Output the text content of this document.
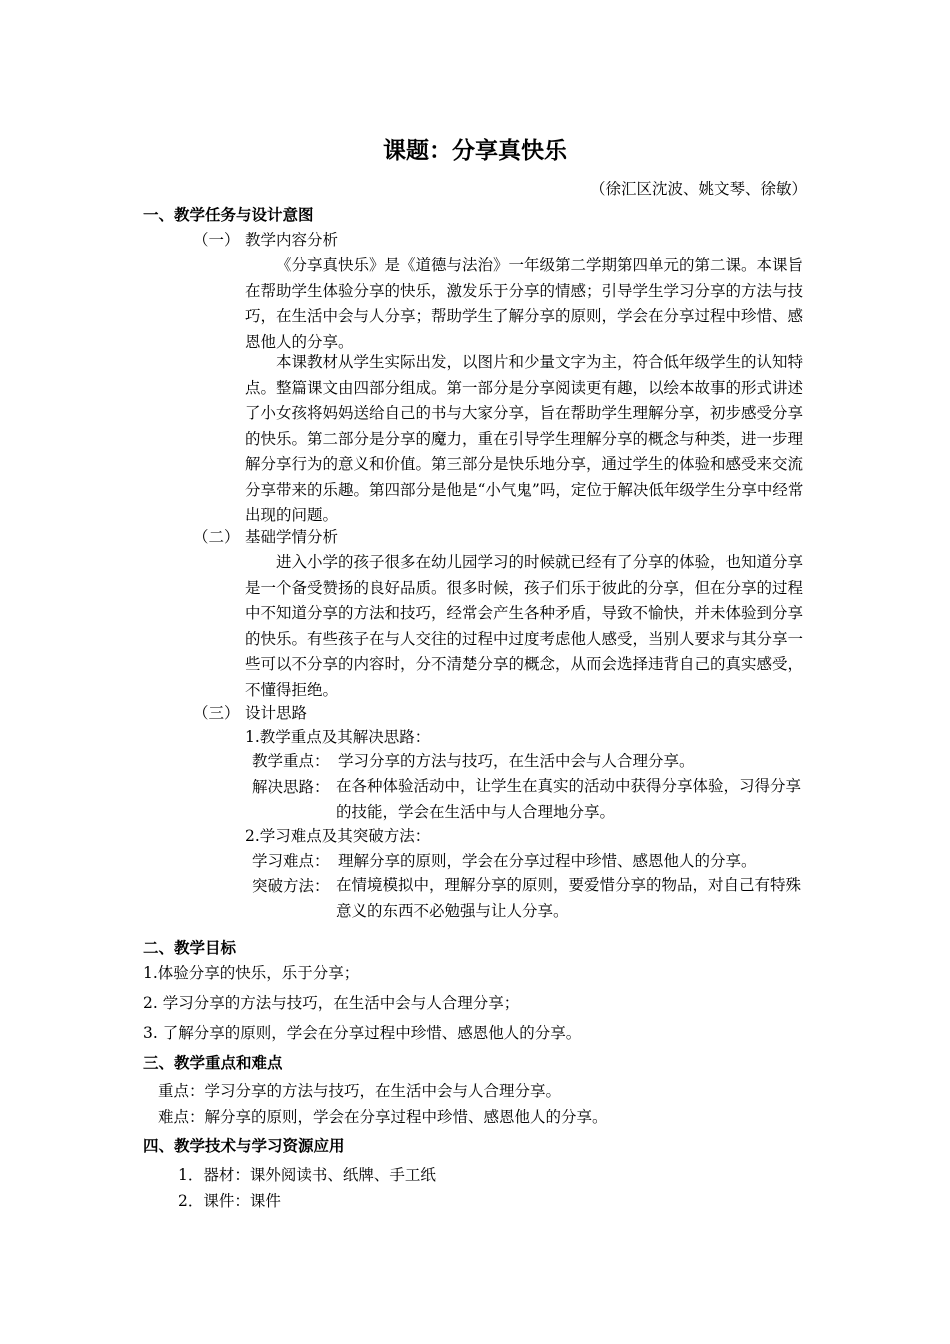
课题：分享真快乐
（徐汇区沈波、姚文琴、徐敏）
一、教学任务与设计意图
（一） 教学内容分析
《分享真快乐》是《道德与法治》一年级第二学期第四单元的第二课。本课旨在帮助学生体验分享的快乐，激发乐于分享的情感；引导学生学习分享的方法与技巧，在生活中会与人分享；帮助学生了解分享的原则，学会在分享过程中珍惜、感恩他人的分享。
本课教材从学生实际出发，以图片和少量文字为主，符合低年级学生的认知特点。整篇课文由四部分组成。第一部分是分享阅读更有趣，以绘本故事的形式讲述了小女孩将妈妈送给自己的书与大家分享，旨在帮助学生理解分享，初步感受分享的快乐。第二部分是分享的魔力，重在引导学生理解分享的概念与种类，进一步理解分享行为的意义和价值。第三部分是快乐地分享，通过学生的体验和感受来交流分享带来的乐趣。第四部分是他是“小气鬼”吗，定位于解决低年级学生分享中经常出现的问题。
（二） 基础学情分析
进入小学的孩子很多在幼儿园学习的时候就已经有了分享的体验，也知道分享是一个备受赞扬的良好品质。很多时候，孩子们乐于彼此的分享，但在分享的过程中不知道分享的方法和技巧，经常会产生各种矛盾，导致不愉快，并未体验到分享的快乐。有些孩子在与人交往的过程中过度考虑他人感受，当别人要求与其分享一些可以不分享的内容时，分不清楚分享的概念，从而会选择违背自己的真实感受，不懂得拒绝。
（三） 设计思路
1.教学重点及其解决思路：
教学重点： 学习分享的方法与技巧，在生活中会与人合理分享。
解决思路： 在各种体验活动中，让学生在真实的活动中获得分享体验，习得分享的技能，学会在生活中与人合理地分享。
2.学习难点及其突破方法：
学习难点： 理解分享的原则，学会在分享过程中珍惜、感恩他人的分享。
突破方法： 在情境模拟中，理解分享的原则，要爱惜分享的物品，对自己有特殊意义的东西不必勉强与让人分享。
二、教学目标
1.体验分享的快乐，乐于分享；
2. 学习分享的方法与技巧，在生活中会与人合理分享；
3. 了解分享的原则，学会在分享过程中珍惜、感恩他人的分享。
三、教学重点和难点
重点：学习分享的方法与技巧，在生活中会与人合理分享。
难点：解分享的原则，学会在分享过程中珍惜、感恩他人的分享。
四、教学技术与学习资源应用
1．器材：课外阅读书、纸牌、手工纸
2．课件：课件
